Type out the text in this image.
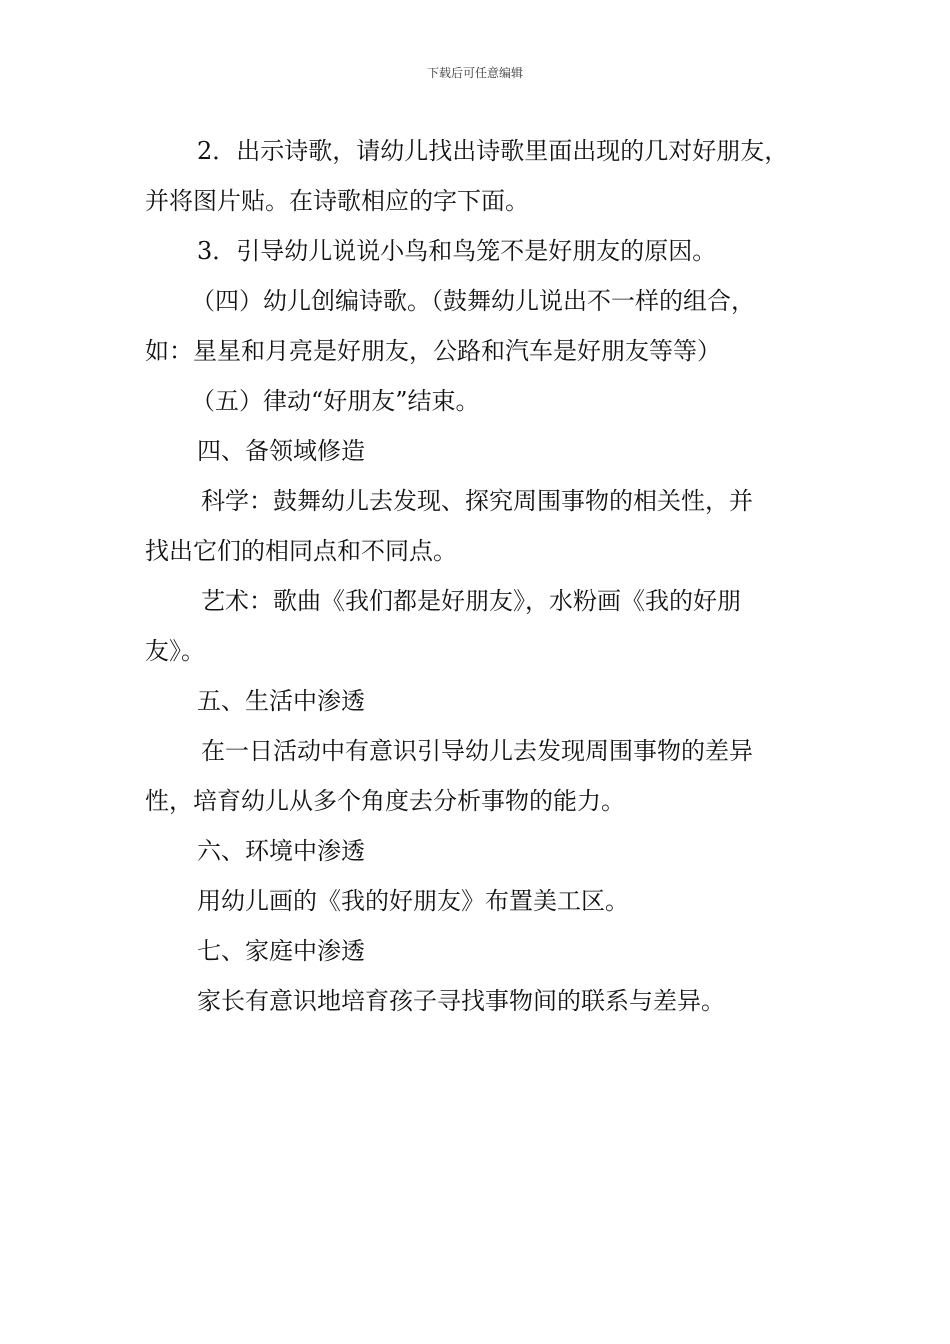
下载后可任意编辑
2．出示诗歌，请幼儿找出诗歌里面出现的几对好朋友，
并将图片贴。在诗歌相应的字下面。
3．引导幼儿说说小鸟和鸟笼不是好朋友的原因。
（四）幼儿创编诗歌。（鼓舞幼儿说出不一样的组合，
如：星星和月亮是好朋友，公路和汽车是好朋友等等）
（五）律动“好朋友”结束。
四、备领域修造
科学：鼓舞幼儿去发现、探究周围事物的相关性，并
找出它们的相同点和不同点。
艺术：歌曲《我们都是好朋友》，水粉画《我的好朋
友》。
五、生活中渗透
在一日活动中有意识引导幼儿去发现周围事物的差异
性，培育幼儿从多个角度去分析事物的能力。
六、环境中渗透
用幼儿画的《我的好朋友》布置美工区。
七、家庭中渗透
家长有意识地培育孩子寻找事物间的联系与差异。
